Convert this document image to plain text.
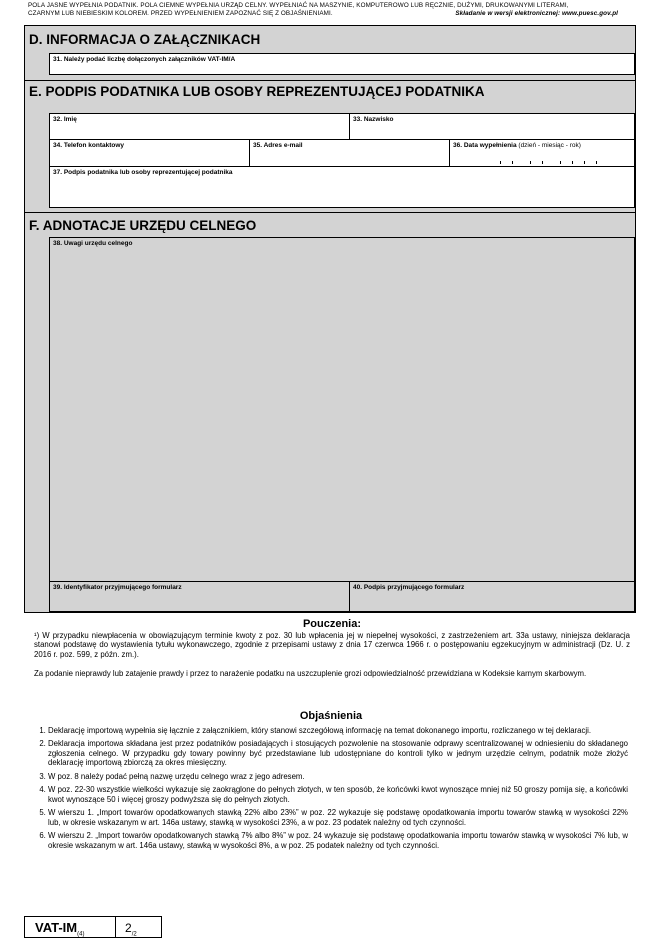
POLA JASNE WYPEŁNIA PODATNIK. POLA CIEMNE WYPEŁNIA URZĄD CELNY. WYPEŁNIAĆ NA MASZYNIE, KOMPUTEROWO LUB RĘCZNIE, DUŻYMI, DRUKOWANYMI LITERAMI,
CZARNYM LUB NIEBIESKIM KOLOREM. PRZED WYPEŁNIENIEM ZAPOZNAĆ SIĘ Z OBJAŚNIENIAMI.	Składanie w wersji elektronicznej: www.puesc.gov.pl
D. INFORMACJA O ZAŁĄCZNIKACH
31. Należy podać liczbę dołączonych załączników VAT-IM/A
E. PODPIS PODATNIKA LUB OSOBY REPREZENTUJĄCEJ PODATNIKA
32. Imię	33. Nazwisko
34. Telefon kontaktowy	35. Adres e-mail	36. Data wypełnienia (dzień - miesiąc - rok)
37. Podpis podatnika lub osoby reprezentującej podatnika
F. ADNOTACJE URZĘDU CELNEGO
38. Uwagi urzędu celnego
39. Identyfikator przyjmującego formularz	40. Podpis przyjmującego formularz
Pouczenia:
¹) W przypadku niewpłacenia w obowiązującym terminie kwoty z poz. 30 lub wpłacenia jej w niepełnej wysokości, z zastrzeżeniem art. 33a ustawy, niniejsza deklaracja stanowi podstawę do wystawienia tytułu wykonawczego, zgodnie z przepisami ustawy z dnia 17 czerwca 1966 r. o postępowaniu egzekucyjnym w administracji (Dz. U. z 2016 r. poz. 599, z późn. zm.).
Za podanie nieprawdy lub zatajenie prawdy i przez to narażenie podatku na uszczuplenie grozi odpowiedzialność przewidziana w Kodeksie karnym skarbowym.
Objaśnienia
1. Deklarację importową wypełnia się łącznie z załącznikiem, który stanowi szczegółową informację na temat dokonanego importu, rozliczanego w tej deklaracji.
2. Deklaracja importowa składana jest przez podatników posiadających i stosujących pozwolenie na stosowanie odprawy scentralizowanej w odniesieniu do składanego zgłoszenia celnego. W przypadku gdy towary powinny być przedstawiane lub udostępniane do kontroli tylko w jednym urzędzie celnym, podatnik może złożyć deklarację importową zbiorczą za okres miesięczny.
3. W poz. 8 należy podać pełną nazwę urzędu celnego wraz z jego adresem.
4. W poz. 22-30 wszystkie wielkości wykazuje się zaokrąglone do pełnych złotych, w ten sposób, że końcówki kwot wynoszące mniej niż 50 groszy pomija się, a końcówki kwot wynoszące 50 i więcej groszy podwyższa się do pełnych złotych.
5. W wierszu 1. „Import towarów opodatkowanych stawką 22% albo 23%” w poz. 22 wykazuje się podstawę opodatkowania importu towarów stawką w wysokości 22% lub, w okresie wskazanym w art. 146a ustawy, stawką w wysokości 23%, a w poz. 23 podatek należny od tych czynności.
6. W wierszu 2. „Import towarów opodatkowanych stawką 7% albo 8%” w poz. 24 wykazuje się podstawę opodatkowania importu towarów stawką w wysokości 7% lub, w okresie wskazanym w art. 146a ustawy, stawką w wysokości 8%, a w poz. 25 podatek należny od tych czynności.
VAT-$IM_{(4)}$	$2_{/2}$
